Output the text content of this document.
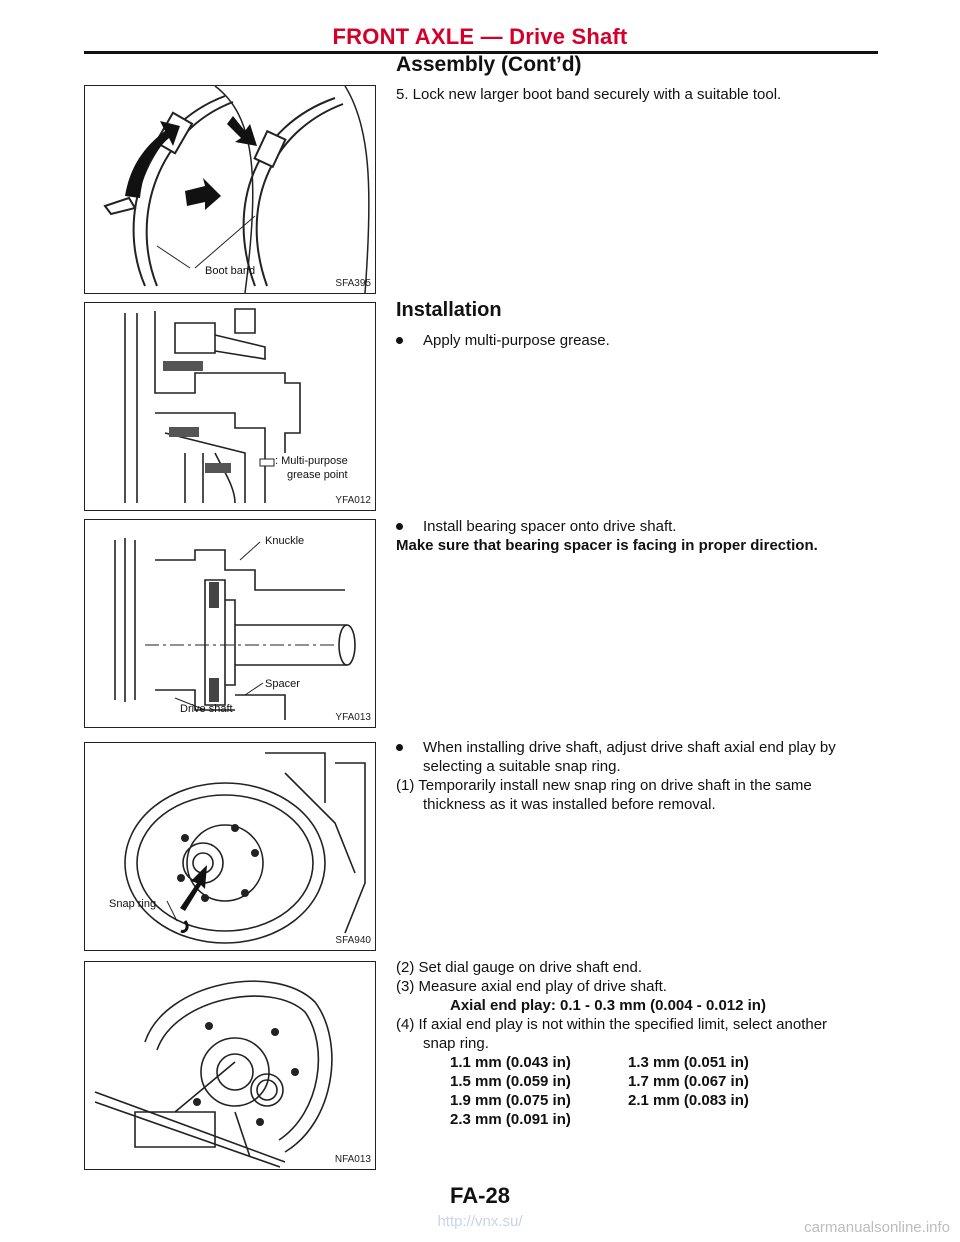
FRONT AXLE — Drive Shaft
Assembly (Cont’d)
Boot band
SFA395
5. Lock new larger boot band securely with a suitable tool.
: Multi-purpose
grease point
YFA012
Installation
Apply multi-purpose grease.
Knuckle
Spacer
Drive shaft
YFA013
Install bearing spacer onto drive shaft.
Make sure that bearing spacer is facing in proper direction.
Snap ring
SFA940
When installing drive shaft, adjust drive shaft axial end play by
selecting a suitable snap ring.
(1) Temporarily install new snap ring on drive shaft in the same
thickness as it was installed before removal.
NFA013
(2) Set dial gauge on drive shaft end.
(3) Measure axial end play of drive shaft.
Axial end play: 0.1 - 0.3 mm (0.004 - 0.012 in)
(4) If axial end play is not within the specified limit, select another
snap ring.
1.1 mm (0.043 in)	1.3 mm (0.051 in)
1.5 mm (0.059 in)	1.7 mm (0.067 in)
1.9 mm (0.075 in)	2.1 mm (0.083 in)
2.3 mm (0.091 in)
FA-28
http://vnx.su/	carmanualsonline.info
